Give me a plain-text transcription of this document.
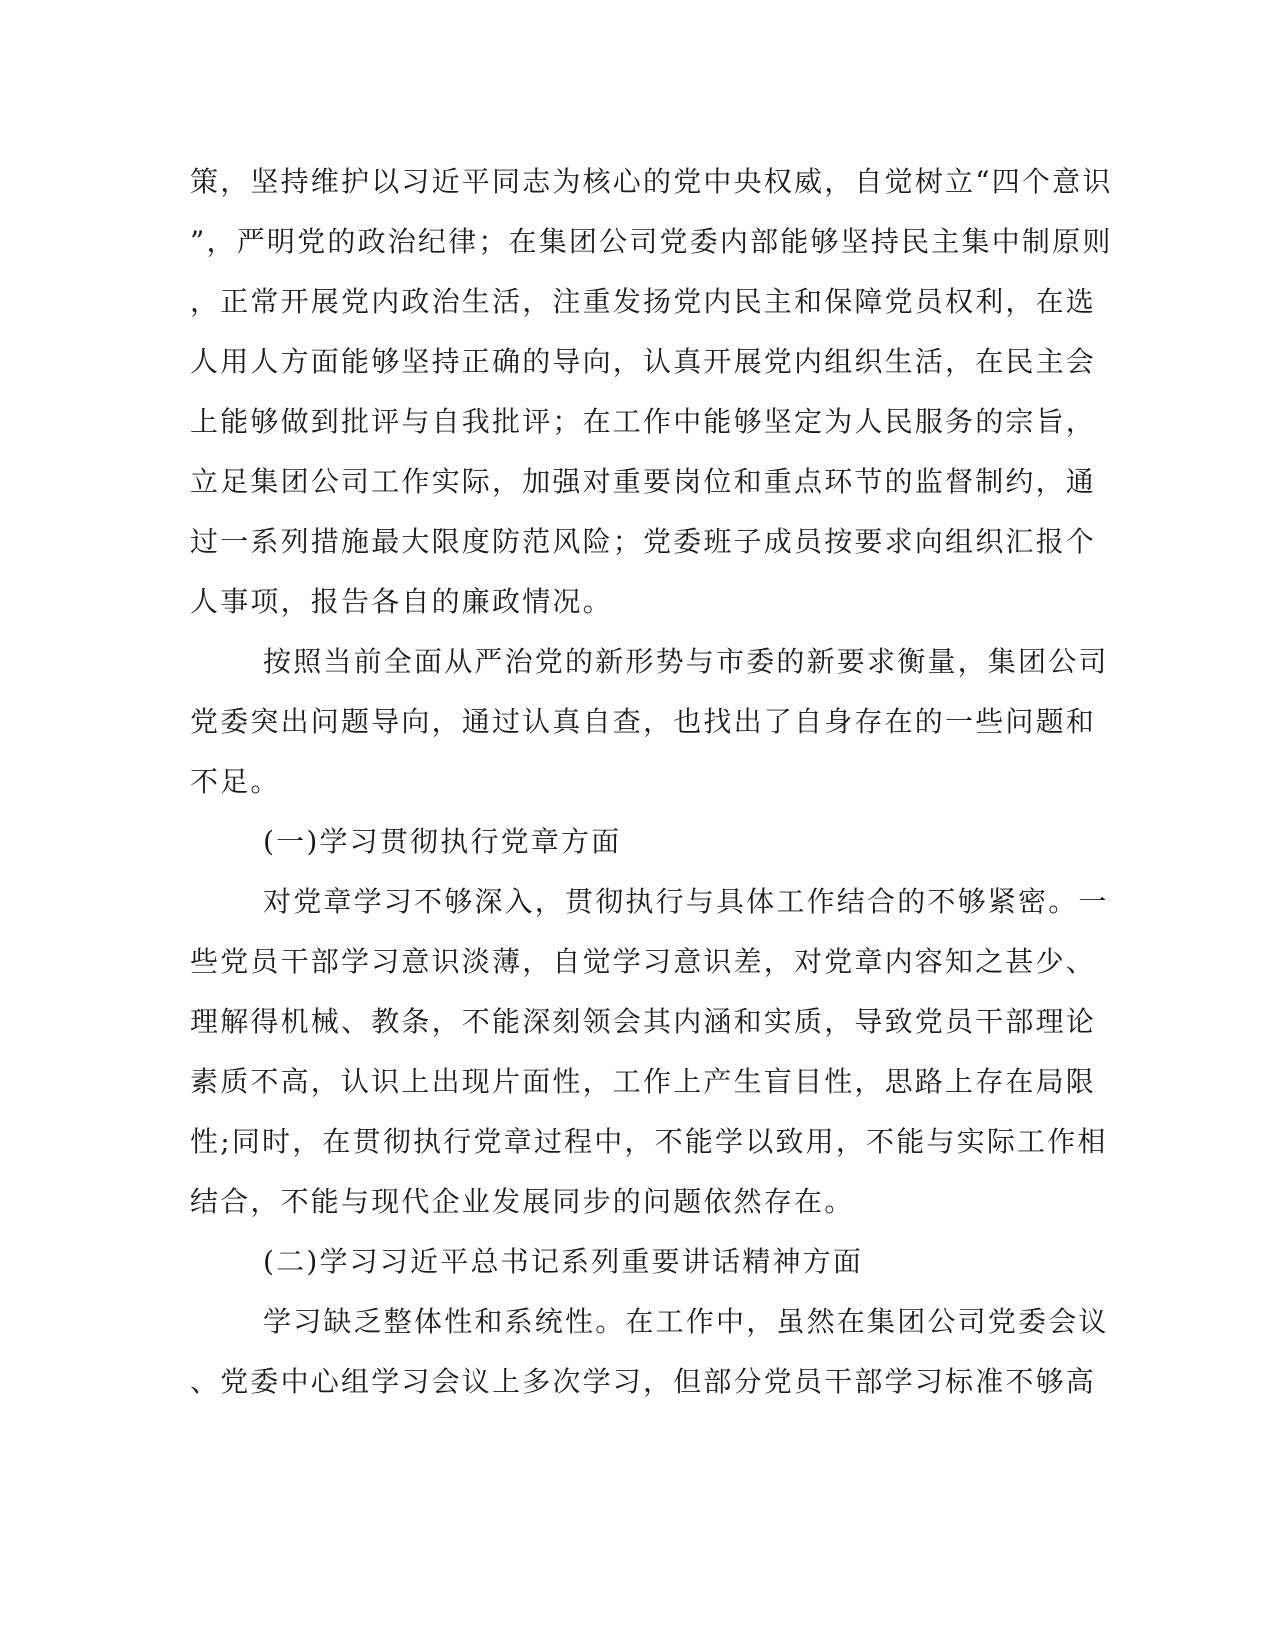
策，坚持维护以习近平同志为核心的党中央权威，自觉树立“四个意识
”，严明党的政治纪律；在集团公司党委内部能够坚持民主集中制原则
，正常开展党内政治生活，注重发扬党内民主和保障党员权利，在选
人用人方面能够坚持正确的导向，认真开展党内组织生活，在民主会
上能够做到批评与自我批评；在工作中能够坚定为人民服务的宗旨，
立足集团公司工作实际，加强对重要岗位和重点环节的监督制约，通
过一系列措施最大限度防范风险；党委班子成员按要求向组织汇报个
人事项，报告各自的廉政情况。
按照当前全面从严治党的新形势与市委的新要求衡量，集团公司
党委突出问题导向，通过认真自查，也找出了自身存在的一些问题和
不足。
(一)学习贯彻执行党章方面
对党章学习不够深入，贯彻执行与具体工作结合的不够紧密。一
些党员干部学习意识淡薄，自觉学习意识差，对党章内容知之甚少、
理解得机械、教条，不能深刻领会其内涵和实质，导致党员干部理论
素质不高，认识上出现片面性，工作上产生盲目性，思路上存在局限
性;同时，在贯彻执行党章过程中，不能学以致用，不能与实际工作相
结合，不能与现代企业发展同步的问题依然存在。
(二)学习习近平总书记系列重要讲话精神方面
学习缺乏整体性和系统性。在工作中，虽然在集团公司党委会议
、党委中心组学习会议上多次学习，但部分党员干部学习标准不够高
